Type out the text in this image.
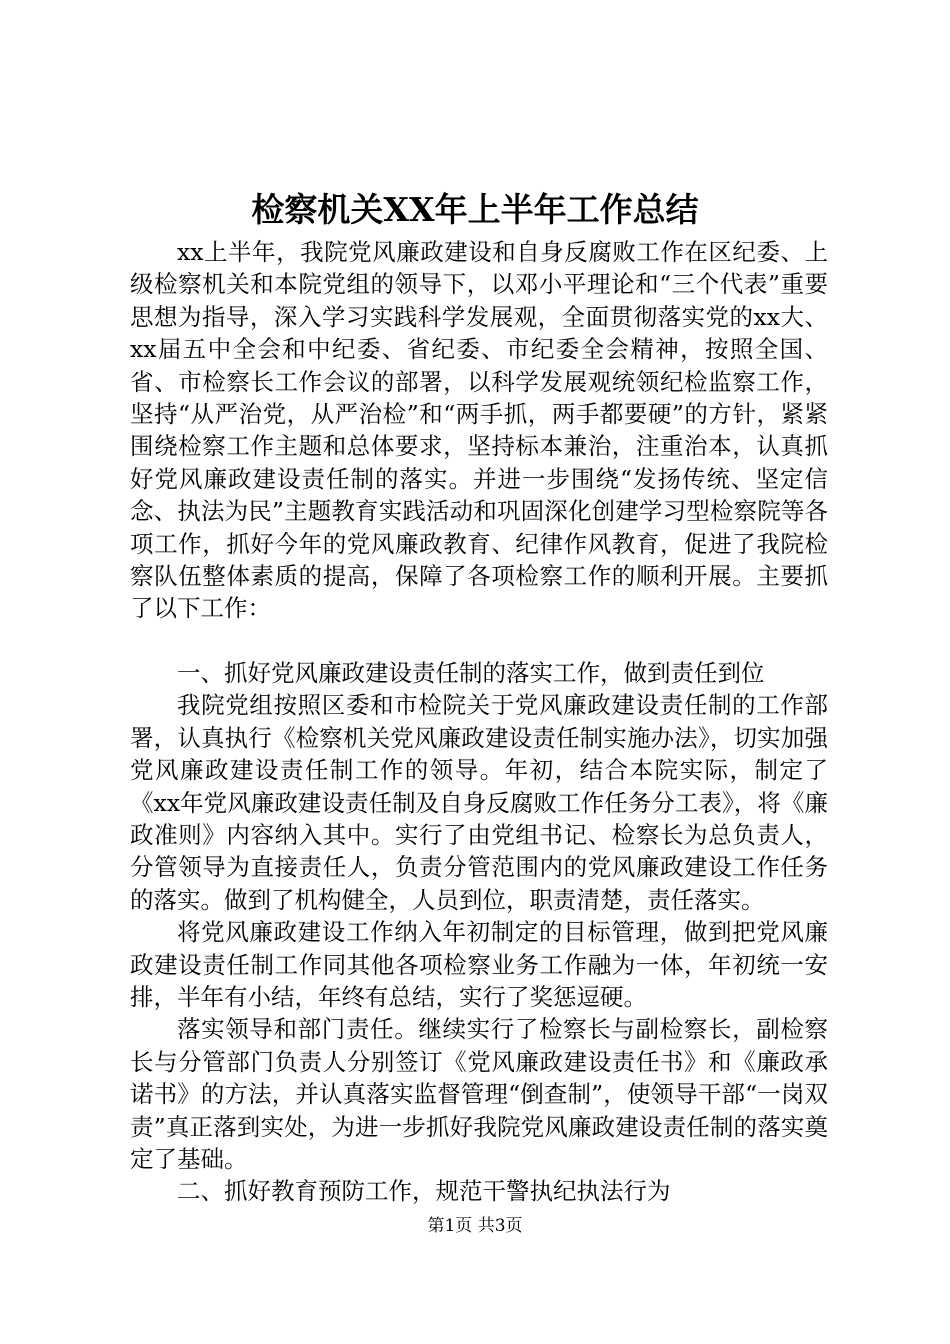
检察机关XX年上半年工作总结

xx上半年，我院党风廉政建设和自身反腐败工作在区纪委、上级检察机关和本院党组的领导下，以邓小平理论和“三个代表”重要思想为指导，深入学习实践科学发展观，全面贯彻落实党的xx大、xx届五中全会和中纪委、省纪委、市纪委全会精神，按照全国、省、市检察长工作会议的部署，以科学发展观统领纪检监察工作，坚持“从严治党，从严治检”和“两手抓，两手都要硬”的方针，紧紧围绕检察工作主题和总体要求，坚持标本兼治，注重治本，认真抓好党风廉政建设责任制的落实。并进一步围绕“发扬传统、坚定信念、执法为民”主题教育实践活动和巩固深化创建学习型检察院等各项工作，抓好今年的党风廉政教育、纪律作风教育，促进了我院检察队伍整体素质的提高，保障了各项检察工作的顺利开展。主要抓了以下工作：

一、抓好党风廉政建设责任制的落实工作，做到责任到位

我院党组按照区委和市检院关于党风廉政建设责任制的工作部署，认真执行《检察机关党风廉政建设责任制实施办法》，切实加强党风廉政建设责任制工作的领导。年初，结合本院实际，制定了《xx年党风廉政建设责任制及自身反腐败工作任务分工表》，将《廉政准则》内容纳入其中。实行了由党组书记、检察长为总负责人，分管领导为直接责任人，负责分管范围内的党风廉政建设工作任务的落实。做到了机构健全，人员到位，职责清楚，责任落实。

将党风廉政建设工作纳入年初制定的目标管理，做到把党风廉政建设责任制工作同其他各项检察业务工作融为一体，年初统一安排，半年有小结，年终有总结，实行了奖惩逗硬。

落实领导和部门责任。继续实行了检察长与副检察长，副检察长与分管部门负责人分别签订《党风廉政建设责任书》和《廉政承诺书》的方法，并认真落实监督管理“倒查制”，使领导干部“一岗双责”真正落到实处，为进一步抓好我院党风廉政建设责任制的落实奠定了基础。

二、抓好教育预防工作，规范干警执纪执法行为

第1页 共3页
